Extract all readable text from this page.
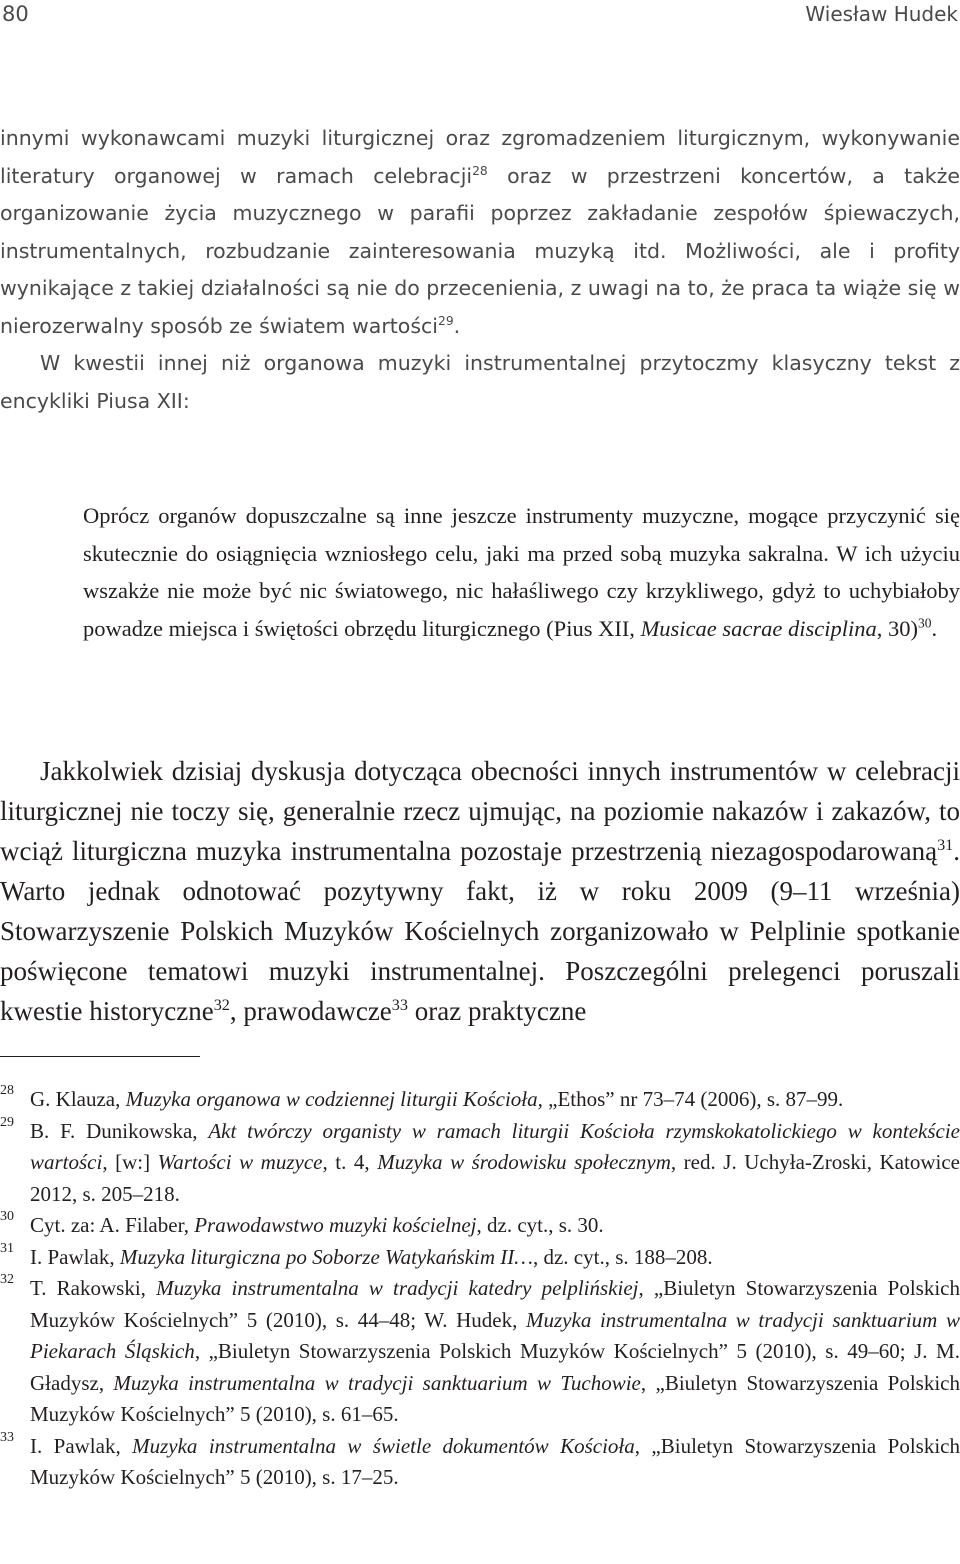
80	Wiesław Hudek

innymi wykonawcami muzyki liturgicznej oraz zgromadzeniem liturgicznym, wykonywanie literatury organowej w ramach celebracji$^{28}$ oraz w przestrzeni koncertów, a także organizowanie życia muzycznego w parafii poprzez zakładanie zespołów śpiewaczych, instrumentalnych, rozbudzanie zainteresowania muzyką itd. Możliwości, ale i profity wynikające z takiej działalności są nie do przecenienia, z uwagi na to, że praca ta wiąże się w nierozerwalny sposób ze światem wartości$^{29}$.

W kwestii innej niż organowa muzyki instrumentalnej przytoczmy klasyczny tekst z encykliki Piusa XII:

Oprócz organów dopuszczalne są inne jeszcze instrumenty muzyczne, mogące przyczynić się skutecznie do osiągnięcia wzniosłego celu, jaki ma przed sobą muzyka sakralna. W ich użyciu wszakże nie może być nic światowego, nic hałaśliwego czy krzykliwego, gdyż to uchybiałoby powadze miejsca i świętości obrzędu liturgicznego (Pius XII, Musicae sacrae disciplina, 30)$^{30}$.

Jakkolwiek dzisiaj dyskusja dotycząca obecności innych instrumentów w celebracji liturgicznej nie toczy się, generalnie rzecz ujmując, na poziomie nakazów i zakazów, to wciąż liturgiczna muzyka instrumentalna pozostaje przestrzenią niezagospodarowaną$^{31}$. Warto jednak odnotować pozytywny fakt, iż w roku 2009 (9–11 września) Stowarzyszenie Polskich Muzyków Kościelnych zorganizowało w Pelplinie spotkanie poświęcone tematowi muzyki instrumentalnej. Poszczególni prelegenci poruszali kwestie historyczne$^{32}$, prawodawcze$^{33}$ oraz praktyczne

28 G. Klauza, Muzyka organowa w codziennej liturgii Kościoła, „Ethos” nr 73–74 (2006), s. 87–99.
29 B. F. Dunikowska, Akt twórczy organisty w ramach liturgii Kościoła rzymskokatolickiego w kontekście wartości, [w:] Wartości w muzyce, t. 4, Muzyka w środowisku społecznym, red. J. Uchyła-Zroski, Katowice 2012, s. 205–218.
30 Cyt. za: A. Filaber, Prawodawstwo muzyki kościelnej, dz. cyt., s. 30.
31 I. Pawlak, Muzyka liturgiczna po Soborze Watykańskim II…, dz. cyt., s. 188–208.
32 T. Rakowski, Muzyka instrumentalna w tradycji katedry pelplińskiej, „Biuletyn Stowarzyszenia Polskich Muzyków Kościelnych” 5 (2010), s. 44–48; W. Hudek, Muzyka instrumentalna w tradycji sanktuarium w Piekarach Śląskich, „Biuletyn Stowarzyszenia Polskich Muzyków Kościelnych” 5 (2010), s. 49–60; J. M. Gładysz, Muzyka instrumentalna w tradycji sanktuarium w Tuchowie, „Biuletyn Stowarzyszenia Polskich Muzyków Kościelnych” 5 (2010), s. 61–65.
33 I. Pawlak, Muzyka instrumentalna w świetle dokumentów Kościoła, „Biuletyn Stowarzyszenia Polskich Muzyków Kościelnych” 5 (2010), s. 17–25.
